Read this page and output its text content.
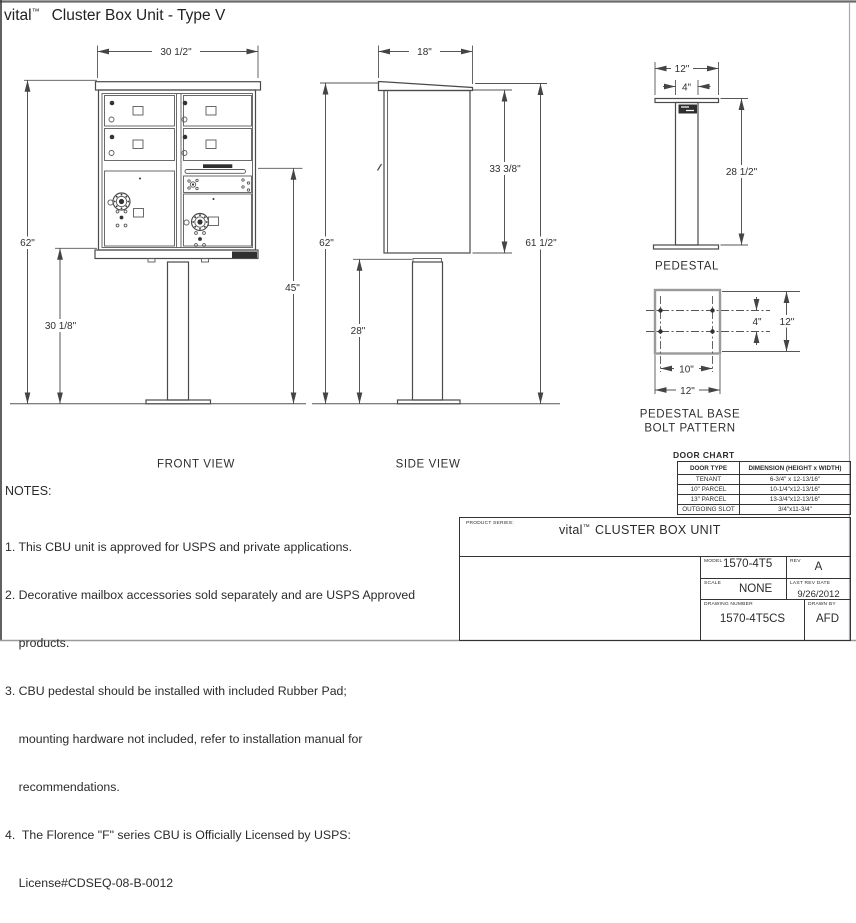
30 1/2"
62"
30 1/8"
45"
FRONT VIEW
18"
62"
33 3/8"
61 1/2"
28"
SIDE VIEW
12"
4"
28 1/2"
PEDESTAL
4" 12"
10"
12"
PEDESTAL BASE
BOLT PATTERN
vital™ Cluster Box Unit - Type V
NOTES:

1. This CBU unit is approved for USPS and private applications.

2. Decorative mailbox accessories sold separately and are USPS Approved

products.

3. CBU pedestal should be installed with included Rubber Pad;

mounting hardware not included, refer to installation manual for

recommendations.

4.  The Florence "F" series CBU is Officially Licensed by USPS:

License#CDSEQ-08-B-0012

DOOR CHART
DOOR TYPE	DIMENSION (HEIGHT x WIDTH)
TENANT	6-3/4" x 12-13/16"
10" PARCEL	10-1/4"x12-13/16"
13" PARCEL	13-3/4"x12-13/16"
OUTGOING SLOT	3/4"x11-3/4"
PRODUCT SERIES:	vital™ CLUSTER BOX UNIT
MODEL 1570-4T5	REV	A
SCALE NONE	LAST REV DATE
9/26/2012
DRAWING NUMBER
1570-4T5CS
DRAWN BY
AFD
